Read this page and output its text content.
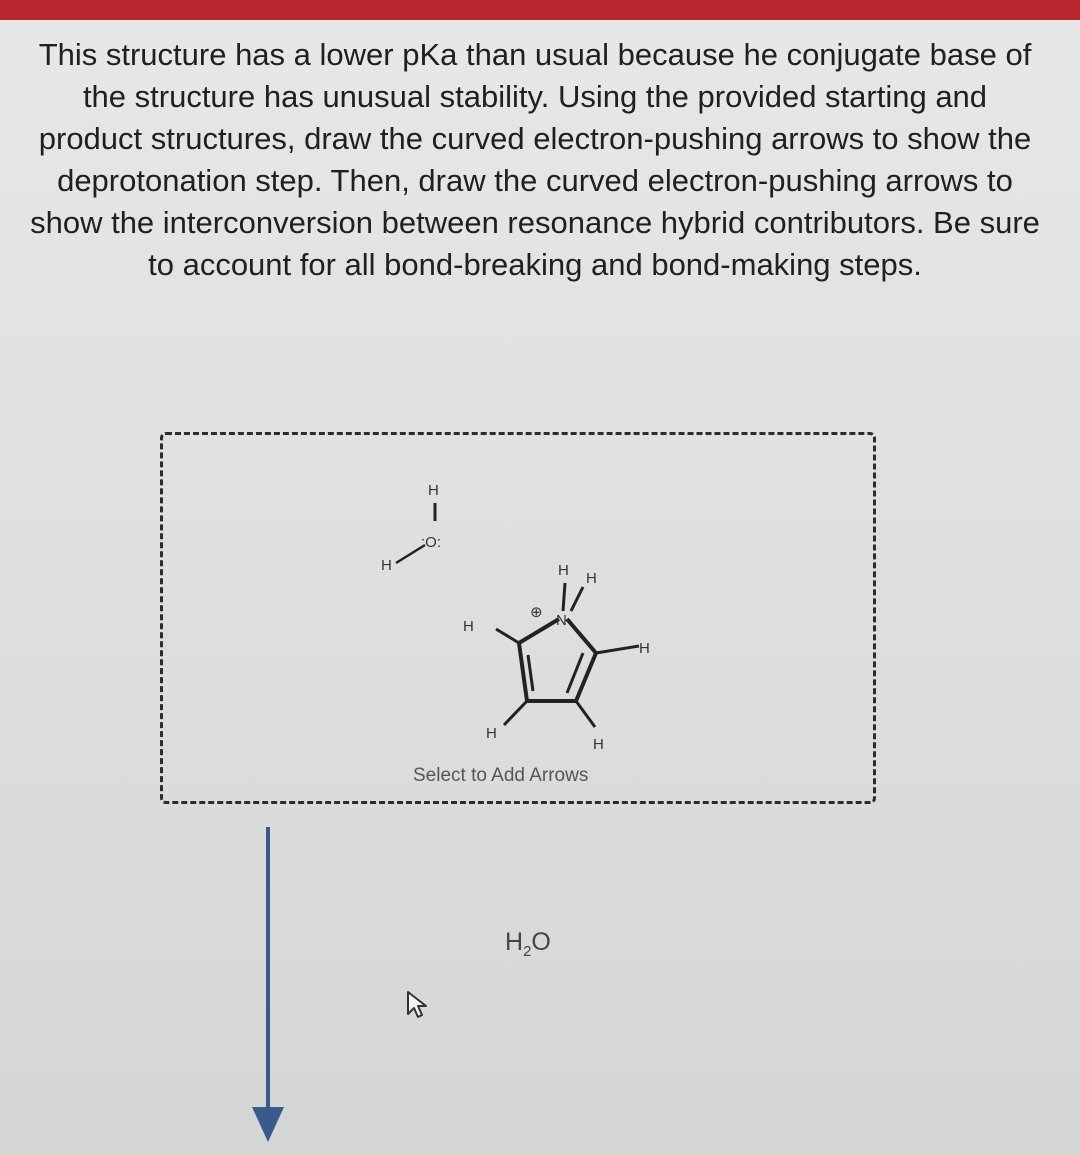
This structure has a lower pKa than usual because he conjugate base of the structure has unusual stability. Using the provided starting and product structures, draw the curved electron-pushing arrows to show the deprotonation step. Then, draw the curved electron-pushing arrows to show the interconversion between resonance hybrid contributors. Be sure to account for all bond-breaking and bond-making steps.

H
:O:
H	H H
⊕ N
H
H
H
H
Select to Add Arrows
$H_2O$
